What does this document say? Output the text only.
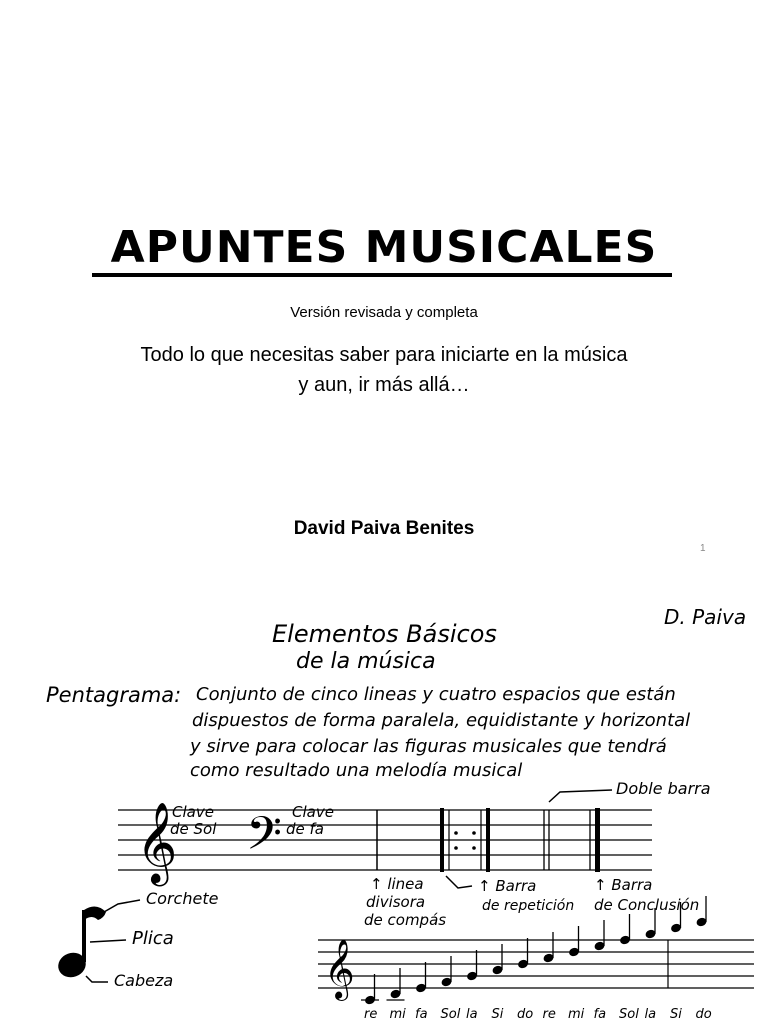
APUNTES MUSICALES
Versión revisada y completa
Todo lo que necesitas saber para iniciarte en la música
y aun, ir más allá…
David Paiva Benites
1
Elementos Básicos
de la música
D. Paiva
Pentagrama: Conjunto de cinco lineas y cuatro espacios que están
dispuestos de forma paralela, equidistante y horizontal
y sirve para colocar las figuras musicales que tendrá
como resultado una melodía musical
Doble barra
𝄞 𝄢
Clave
de Sol
Clave
de fa
↑ linea
divisora
de compás
↑ Barra
de repetición
↑ Barra
de Conclusión
Corchete
Plica
Cabeza	𝄞
re mi fa Sol la Si do re mi fa Sol la Si do
